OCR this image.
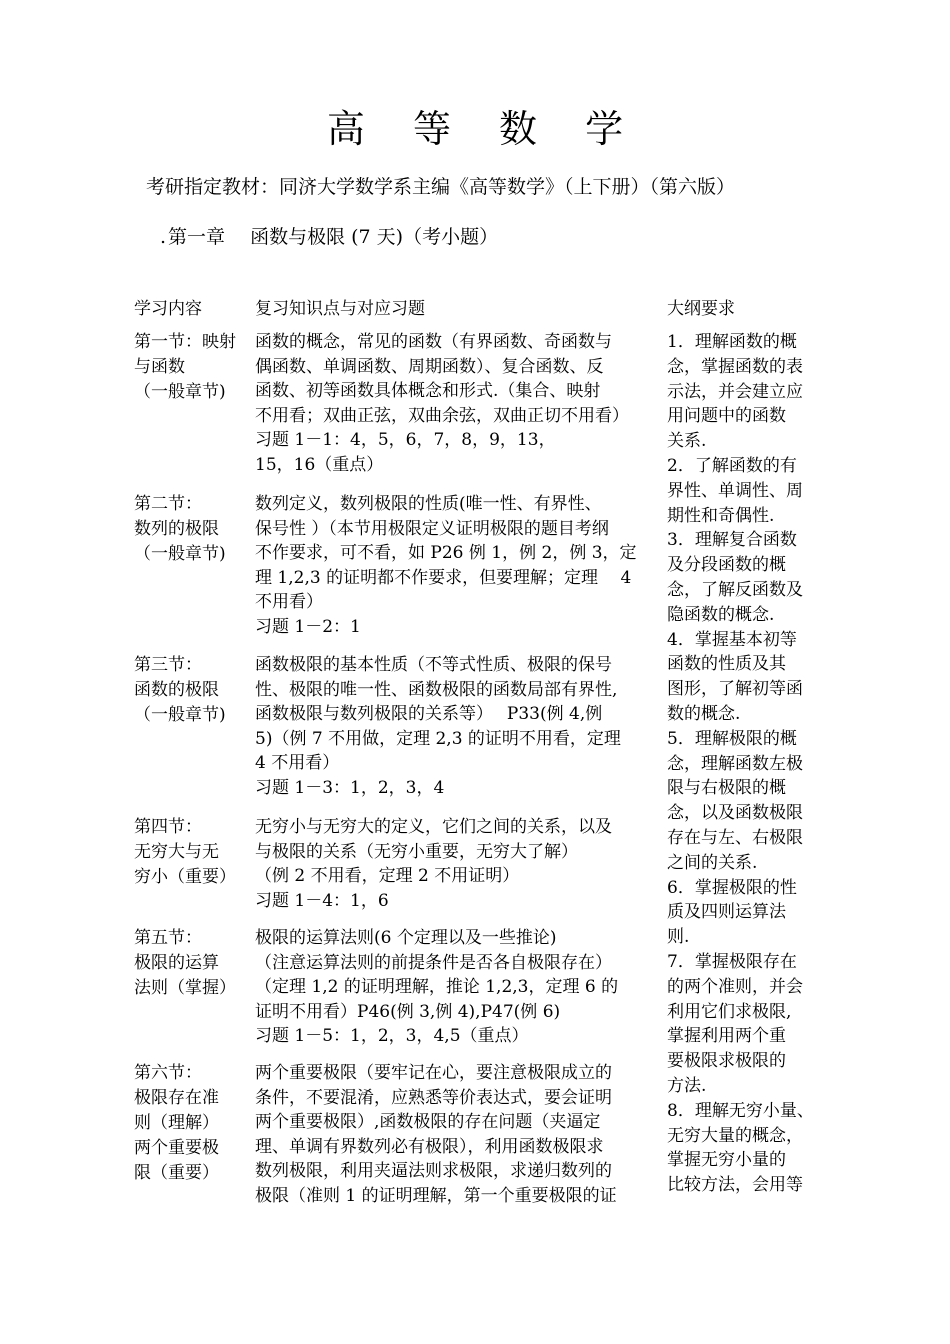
高 等 数 学
考研指定教材：同济大学数学系主编《高等数学》（上下册）（第六版）
. 第一章　 函数与极限 (7 天)（考小题）
学习内容	复习知识点与对应习题	大纲要求
第一节：映射
与函数
（一般章节)
函数的概念，常见的函数（有界函数、奇函数与
偶函数、单调函数、周期函数）、复合函数、反
函数、初等函数具体概念和形式.（集合、映射
不用看；双曲正弦，双曲余弦，双曲正切不用看）
习题 1－1：4，5，6，7，8，9，13，
15，16（重点）
第二节：
数列的极限
（一般章节)
数列定义，数列极限的性质(唯一性、有界性、
保号性 ）（本节用极限定义证明极限的题目考纲
不作要求，可不看，如 P26 例 1，例 2，例 3，定
理 1,2,3 的证明都不作要求，但要理解；定理　 4
不用看）
习题 1－2：1
第三节：
函数的极限
（一般章节)
函数极限的基本性质（不等式性质、极限的保号
性、极限的唯一性、函数极限的函数局部有界性,
函数极限与数列极限的关系等）　 P33(例 4,例
5)（例 7 不用做，定理 2,3 的证明不用看，定理
4 不用看）
习题 1－3：1，2，3，4
第四节：
无穷大与无
穷小（重要）
无穷小与无穷大的定义，它们之间的关系，以及
与极限的关系（无穷小重要，无穷大了解）
（例 2 不用看，定理 2 不用证明）
习题 1－4：1，6
第五节：
极限的运算
法则（掌握）
极限的运算法则(6 个定理以及一些推论)
（注意运算法则的前提条件是否各自极限存在）
（定理 1,2 的证明理解，推论 1,2,3，定理 6 的
证明不用看）P46(例 3,例 4),P47(例 6)
习题 1－5：1，2，3，4,5（重点）
第六节：
极限存在准
则（理解）
两个重要极
限（重要）
两个重要极限（要牢记在心，要注意极限成立的
条件，不要混淆，应熟悉等价表达式，要会证明
两个重要极限）,函数极限的存在问题（夹逼定
理、单调有界数列必有极限），利用函数极限求
数列极限，利用夹逼法则求极限，求递归数列的
极限（准则 1 的证明理解，第一个重要极限的证
1．理解函数的概
念，掌握函数的表
示法，并会建立应
用问题中的函数
关系.
2．了解函数的有
界性、单调性、周
期性和奇偶性.
3．理解复合函数
及分段函数的概
念，了解反函数及
隐函数的概念.
4．掌握基本初等
函数的性质及其
图形，了解初等函
数的概念.
5．理解极限的概
念，理解函数左极
限与右极限的概
念，以及函数极限
存在与左、右极限
之间的关系.
6．掌握极限的性
质及四则运算法
则.
7．掌握极限存在
的两个准则，并会
利用它们求极限,
掌握利用两个重
要极限求极限的
方法.
8．理解无穷小量、
无穷大量的概念，
掌握无穷小量的
比较方法，会用等
